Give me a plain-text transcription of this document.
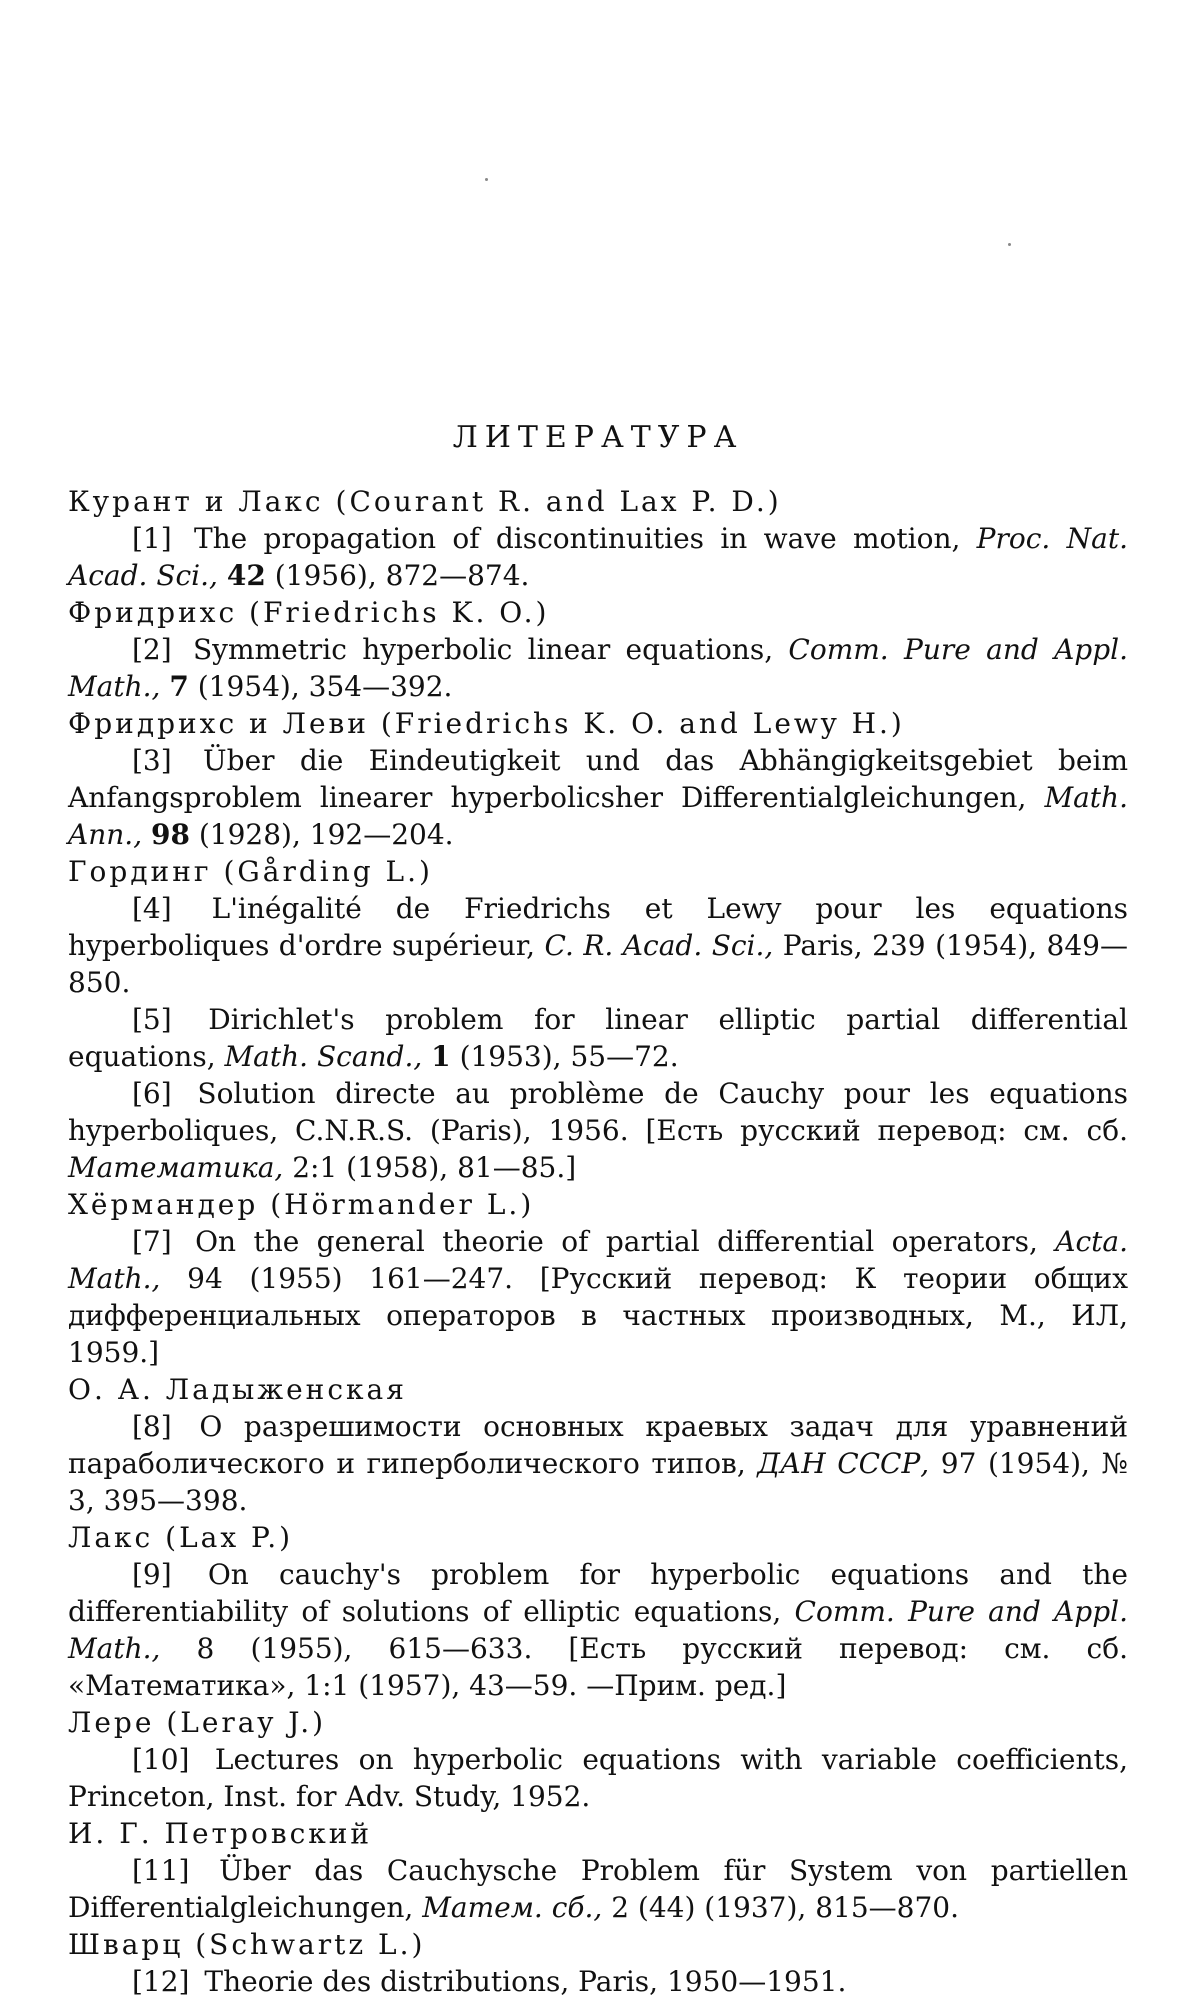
ЛИТЕРАТУРА

Курант и Лакс (Courant R. and Lax P. D.)

[1] The propagation of discontinuities in wave motion, Proc. Nat. Acad. Sci., 42 (1956), 872—874.

Фридрихс (Friedrichs K. O.)

[2] Symmetric hyperbolic linear equations, Comm. Pure and Appl. Math., 7 (1954), 354—392.

Фридрихс и Леви (Friedrichs K. O. and Lewy H.)

[3] Über die Eindeutigkeit und das Abhängigkeitsgebiet beim Anfangsproblem linearer hyperbolicsher Differentialgleichungen, Math. Ann., 98 (1928), 192—204.

Гординг (Gårding L.)

[4] L'inégalité de Friedrichs et Lewy pour les equations hyperboliques d'ordre supérieur, C. R. Acad. Sci., Paris, 239 (1954), 849—850.

[5] Dirichlet's problem for linear elliptic partial differential equations, Math. Scand., 1 (1953), 55—72.

[6] Solution directe au problème de Cauchy pour les equations hyperboliques, C.N.R.S. (Paris), 1956. [Есть русский перевод: см. сб. Математика, 2:1 (1958), 81—85.]

Хёрмандер (Hörmander L.)

[7] On the general theorie of partial differential operators, Acta. Math., 94 (1955) 161—247. [Русский перевод: К теории общих дифференциальных операторов в частных производных, М., ИЛ, 1959.]

О. А. Ладыженская

[8] О разрешимости основных краевых задач для уравнений параболического и гиперболического типов, ДАН СССР, 97 (1954), № 3, 395—398.

Лакс (Lax P.)

[9] On cauchy's problem for hyperbolic equations and the differentiability of solutions of elliptic equations, Comm. Pure and Appl. Math., 8 (1955), 615—633. [Есть русский перевод: см. сб. «Математика», 1:1 (1957), 43—59. —Прим. ред.]

Лере (Leray J.)

[10] Lectures on hyperbolic equations with variable coefficients, Princeton, Inst. for Adv. Study, 1952.

И. Г. Петровский

[11] Über das Cauchysche Problem für System von partiellen Differentialgleichungen, Матем. сб., 2 (44) (1937), 815—870.

Шварц (Schwartz L.)

[12] Theorie des distributions, Paris, 1950—1951.
